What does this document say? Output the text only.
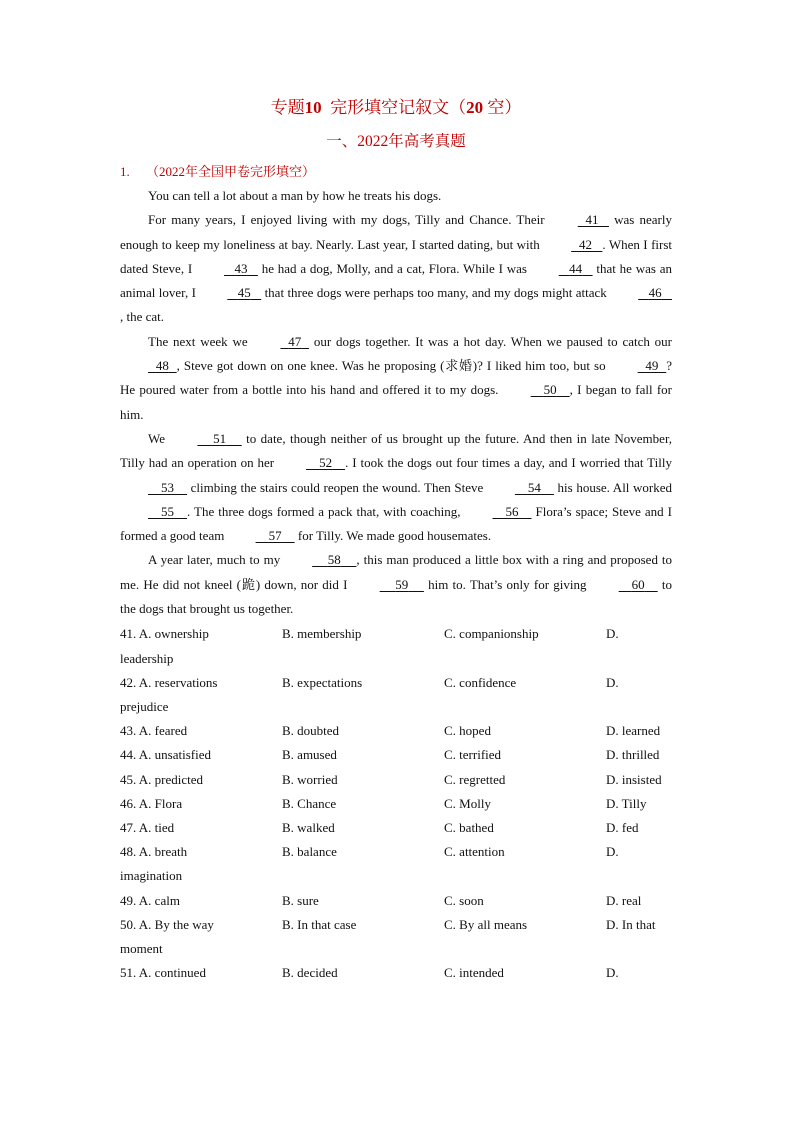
专题10 完形填空记叙文（20 空）
一、2022年高考真题
1. （2022年全国甲卷完形填空）

You can tell a lot about a man by how he treats his dogs.

For many years, I enjoyed living with my dogs, Tilly and Chance. Their    	41     was nearly enough to keep my loneliness at bay. Nearly. Last year, I started dating, but with    	42     . When I first dated Steve, I     	43     he had a dog, Molly, and a cat, Flora. While I was     	44     that he was an animal lover, I     	45     that three dogs were perhaps too many, and my dogs might attack     	46    , the cat.

The next week we    	47    our dogs together. It was a hot day. When we paused to catch our    48    , Steve got down on one knee. Was he proposing (求婚)? I liked him too, but so    	49    ? He poured water from a bottle into his hand and offered it to my dogs.      	50      , I began to fall for him.

We       	51       to date, though neither of us brought up the future. And then in late November, Tilly had an operation on her      	52      . I took the dogs out four times a day, and I worried that Tilly      53      climbing the stairs could reopen the wound. Then Steve      	54      his house. All worked      55      . The three dogs formed a pack that, with coaching,      	56      Flora’s space; Steve and I formed a good team      	57      for Tilly. We made good housemates.

A year later, much to my       	58       , this man produced a little box with a ring and proposed to me. He did not kneel (跪) down, nor did I       	59       him to. That’s only for giving      	60      to the dogs that brought us together.

41. A. ownership	B. membership	C. companionship	D.
leadership
42. A. reservations	B. expectations	C. confidence	D.
prejudice
43. A. feared	B. doubted	C. hoped	D. learned
44. A. unsatisfied	B. amused	C. terrified	D. thrilled
45. A. predicted	B. worried	C. regretted	D. insisted
46. A. Flora	B. Chance	C. Molly	D. Tilly
47. A. tied	B. walked	C. bathed	D. fed
48. A. breath	B. balance	C. attention	D.
imagination
49. A. calm	B. sure	C. soon	D. real
50. A. By the way	B. In that case	C. By all means	D. In that
moment
51. A. continued	B. decided	C. intended	D.
